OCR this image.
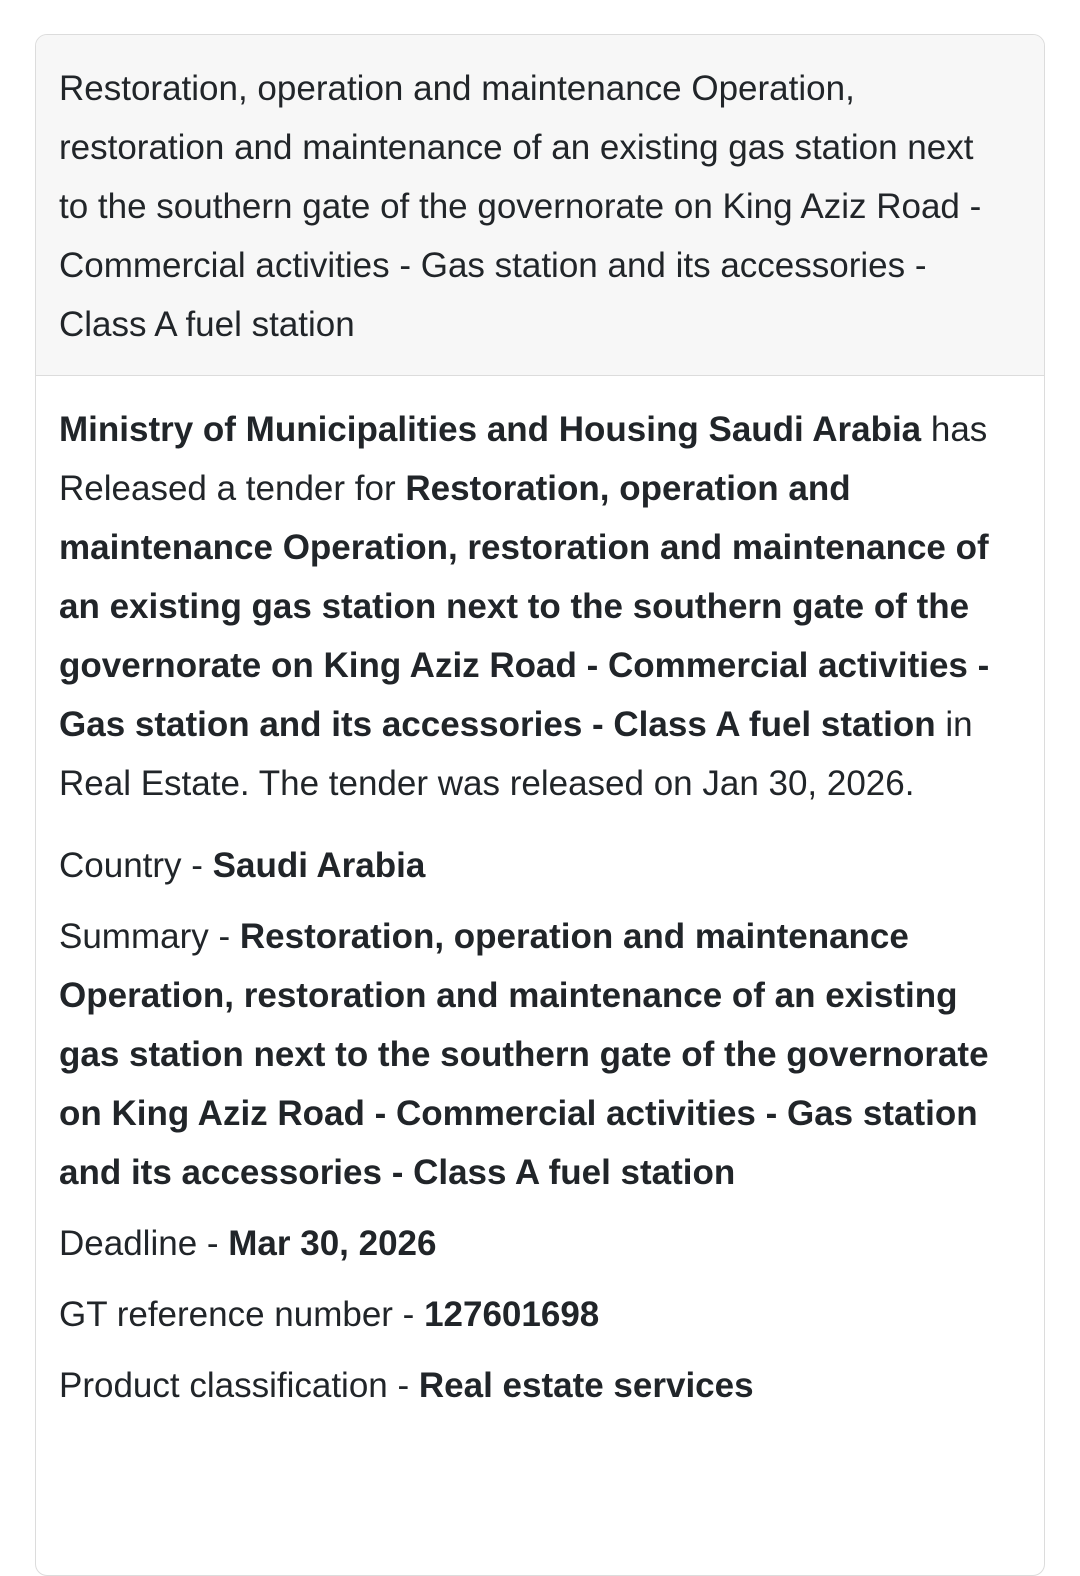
Restoration, operation and maintenance Operation, restoration and maintenance of an existing gas station next to the southern gate of the governorate on King Aziz Road - Commercial activities - Gas station and its accessories - Class A fuel station

Ministry of Municipalities and Housing Saudi Arabia has Released a tender for Restoration, operation and maintenance Operation, restoration and maintenance of an existing gas station next to the southern gate of the governorate on King Aziz Road - Commercial activities - Gas station and its accessories - Class A fuel station in Real Estate. The tender was released on Jan 30, 2026.

Country - Saudi Arabia

Summary - Restoration, operation and maintenance Operation, restoration and maintenance of an existing gas station next to the southern gate of the governorate on King Aziz Road - Commercial activities - Gas station and its accessories - Class A fuel station

Deadline - Mar 30, 2026

GT reference number - 127601698

Product classification - Real estate services
